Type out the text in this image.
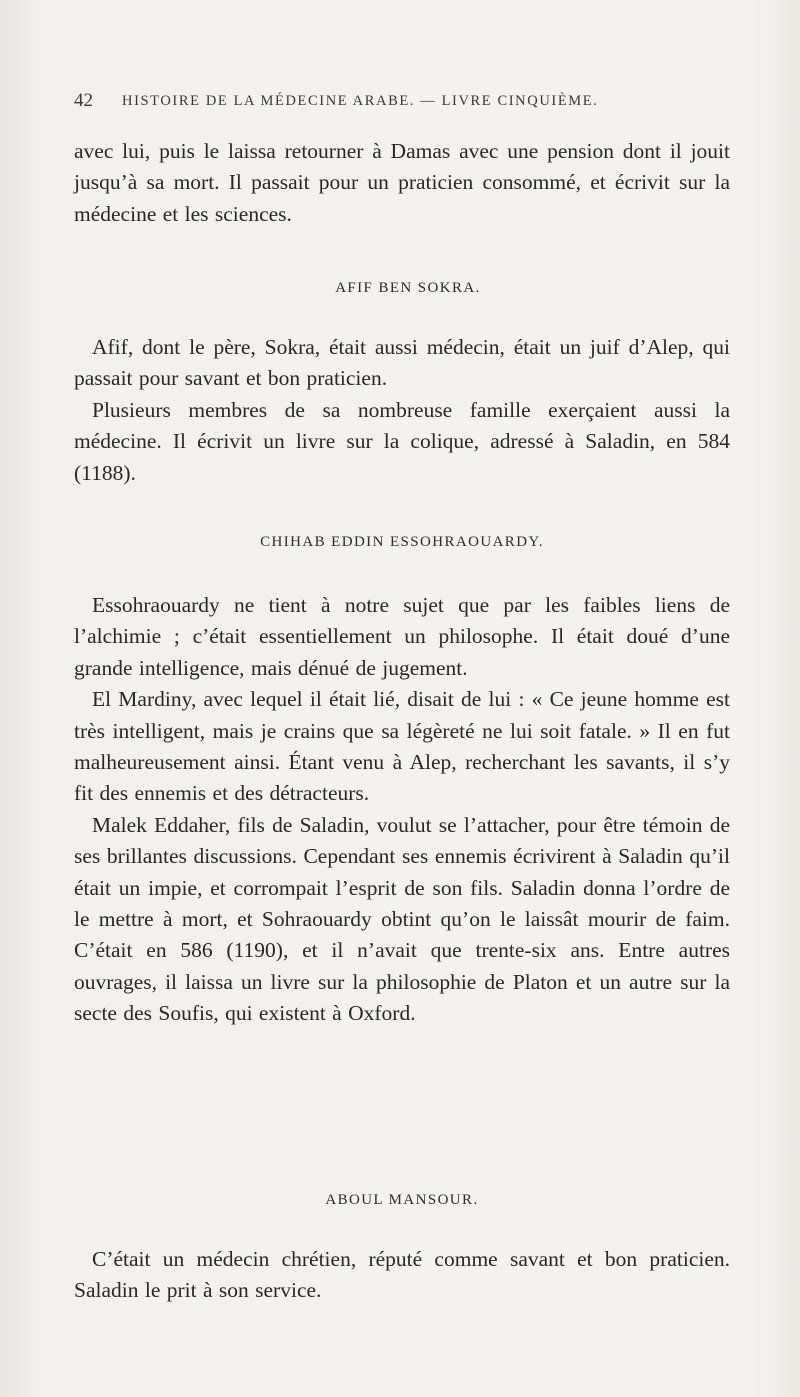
42 HISTOIRE DE LA MÉDECINE ARABE. — LIVRE CINQUIÈME.
avec lui, puis le laissa retourner à Damas avec une pension dont il jouit jusqu’à sa mort. Il passait pour un praticien consommé, et écrivit sur la médecine et les sciences.
AFIF BEN SOKRA.
Afif, dont le père, Sokra, était aussi médecin, était un juif d’Alep, qui passait pour savant et bon praticien.
Plusieurs membres de sa nombreuse famille exerçaient aussi la médecine. Il écrivit un livre sur la colique, adressé à Saladin, en 584 (1188).
CHIHAB EDDIN ESSOHRAOUARDY.
Essohraouardy ne tient à notre sujet que par les faibles liens de l’alchimie ; c’était essentiellement un philosophe. Il était doué d’une grande intelligence, mais dénué de jugement.
El Mardiny, avec lequel il était lié, disait de lui : « Ce jeune homme est très intelligent, mais je crains que sa légèreté ne lui soit fatale. » Il en fut malheureusement ainsi. Étant venu à Alep, recherchant les savants, il s’y fit des ennemis et des détracteurs.
Malek Eddaher, fils de Saladin, voulut se l’attacher, pour être témoin de ses brillantes discussions. Cependant ses ennemis écrivirent à Saladin qu’il était un impie, et corrompait l’esprit de son fils. Saladin donna l’ordre de le mettre à mort, et Sohraouardy obtint qu’on le laissât mourir de faim. C’était en 586 (1190), et il n’avait que trente-six ans. Entre autres ouvrages, il laissa un livre sur la philosophie de Platon et un autre sur la secte des Soufis, qui existent à Oxford.
ABOUL MANSOUR.
C’était un médecin chrétien, réputé comme savant et bon praticien. Saladin le prit à son service.
